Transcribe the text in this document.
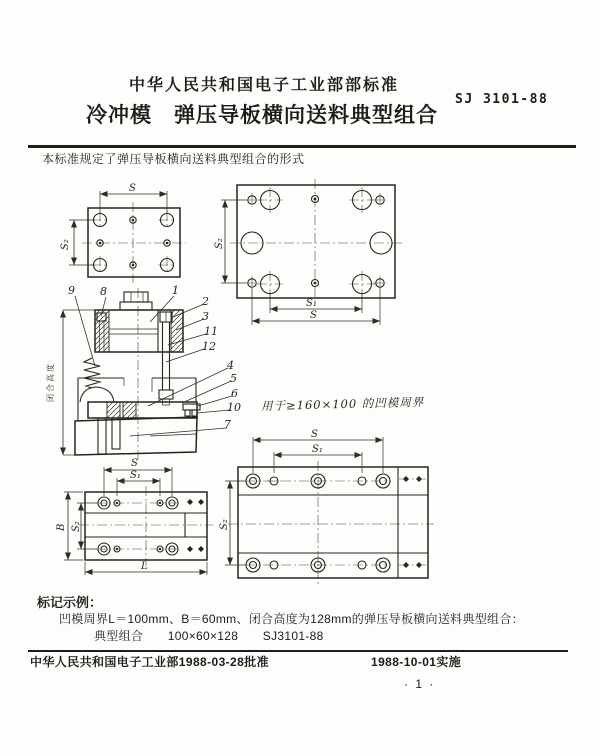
中华人民共和国电子工业部部标准
SJ 3101-88
冷冲模　弹压导板横向送料典型组合
本标准规定了弹压导板横向送料典型组合的形式
S
S₂	S₂
S₁
S
S
S₁
B S₂
L
S
S₁
S₂
9 8	1
2
3
11
12
4
5
6
10
7
闭合高度
用于≥160×100 的凹模周界
标记示例：
凹模周界L＝100mm、B＝60mm、闭合高度为128mm的弹压导板横向送料典型组合：
典型组合　　100×60×128　　SJ3101-88
中华人民共和国电子工业部1988-03-28批准	1988-10-01实施
· 1 ·
